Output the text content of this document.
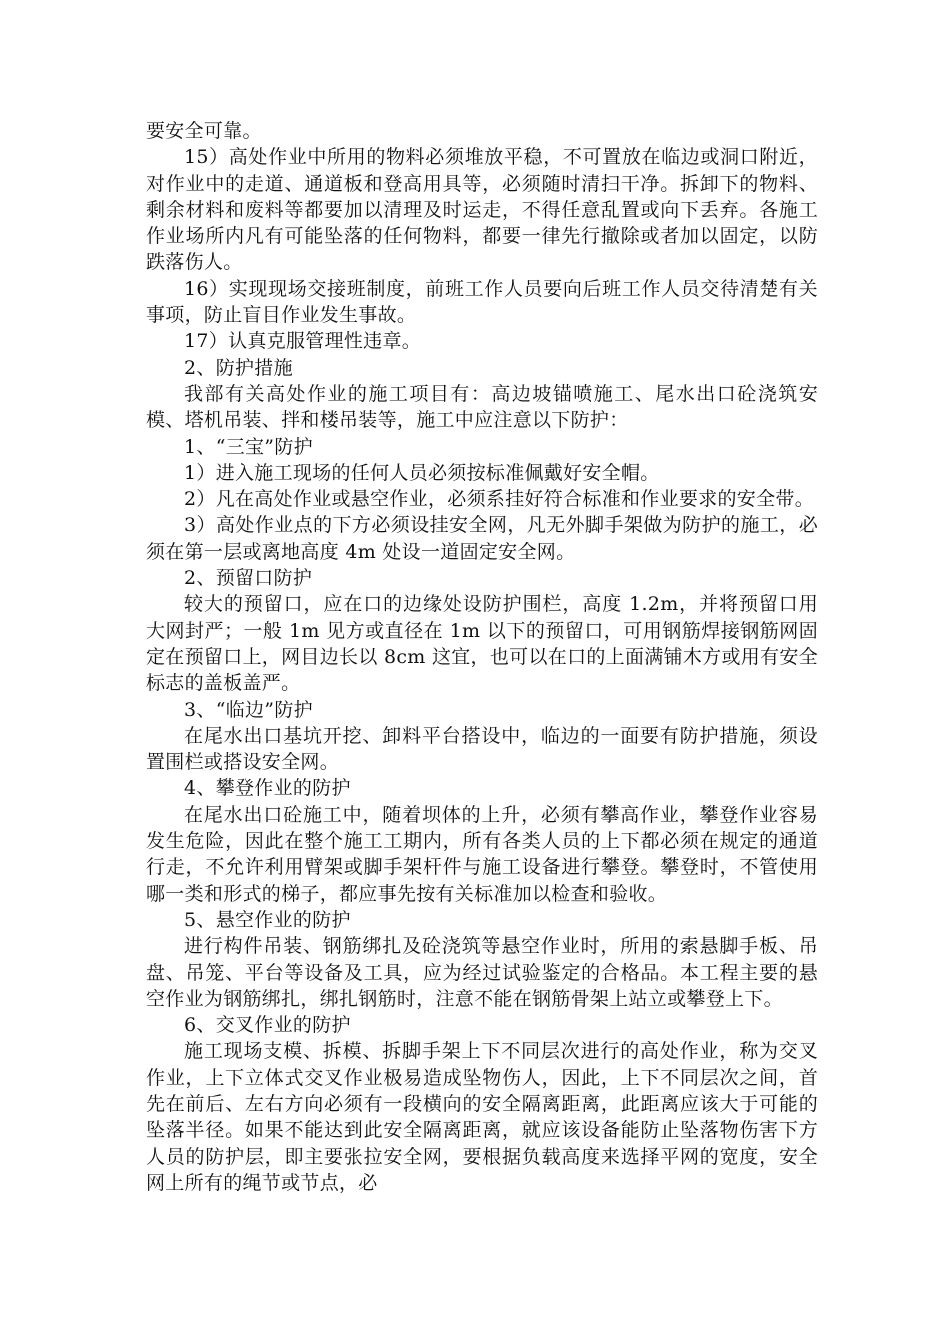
要安全可靠。

15）高处作业中所用的物料必须堆放平稳，不可置放在临边或洞口附近，对作业中的走道、通道板和登高用具等，必须随时清扫干净。拆卸下的物料、剩余材料和废料等都要加以清理及时运走，不得任意乱置或向下丢弃。各施工作业场所内凡有可能坠落的任何物料，都要一律先行撤除或者加以固定，以防跌落伤人。

16）实现现场交接班制度，前班工作人员要向后班工作人员交待清楚有关事项，防止盲目作业发生事故。

17）认真克服管理性违章。

2、防护措施

我部有关高处作业的施工项目有：高边坡锚喷施工、尾水出口砼浇筑安模、塔机吊装、拌和楼吊装等，施工中应注意以下防护：

1、“三宝”防护

1）进入施工现场的任何人员必须按标准佩戴好安全帽。

2）凡在高处作业或悬空作业，必须系挂好符合标准和作业要求的安全带。

3）高处作业点的下方必须设挂安全网，凡无外脚手架做为防护的施工，必须在第一层或离地高度 4m 处设一道固定安全网。

2、预留口防护

较大的预留口，应在口的边缘处设防护围栏，高度 1.2m，并将预留口用大网封严；一般 1m 见方或直径在 1m 以下的预留口，可用钢筋焊接钢筋网固定在预留口上，网目边长以 8cm 这宜，也可以在口的上面满铺木方或用有安全标志的盖板盖严。

3、“临边”防护

在尾水出口基坑开挖、卸料平台搭设中，临边的一面要有防护措施，须设置围栏或搭设安全网。

4、攀登作业的防护

在尾水出口砼施工中，随着坝体的上升，必须有攀高作业，攀登作业容易发生危险，因此在整个施工工期内，所有各类人员的上下都必须在规定的通道行走，不允许利用臂架或脚手架杆件与施工设备进行攀登。攀登时，不管使用哪一类和形式的梯子，都应事先按有关标准加以检查和验收。

5、悬空作业的防护

进行构件吊装、钢筋绑扎及砼浇筑等悬空作业时，所用的索悬脚手板、吊盘、吊笼、平台等设备及工具，应为经过试验鉴定的合格品。本工程主要的悬空作业为钢筋绑扎，绑扎钢筋时，注意不能在钢筋骨架上站立或攀登上下。

6、交叉作业的防护

施工现场支模、拆模、拆脚手架上下不同层次进行的高处作业，称为交叉作业，上下立体式交叉作业极易造成坠物伤人，因此，上下不同层次之间，首先在前后、左右方向必须有一段横向的安全隔离距离，此距离应该大于可能的坠落半径。如果不能达到此安全隔离距离，就应该设备能防止坠落物伤害下方人员的防护层，即主要张拉安全网，要根据负载高度来选择平网的宽度，安全网上所有的绳节或节点，必
